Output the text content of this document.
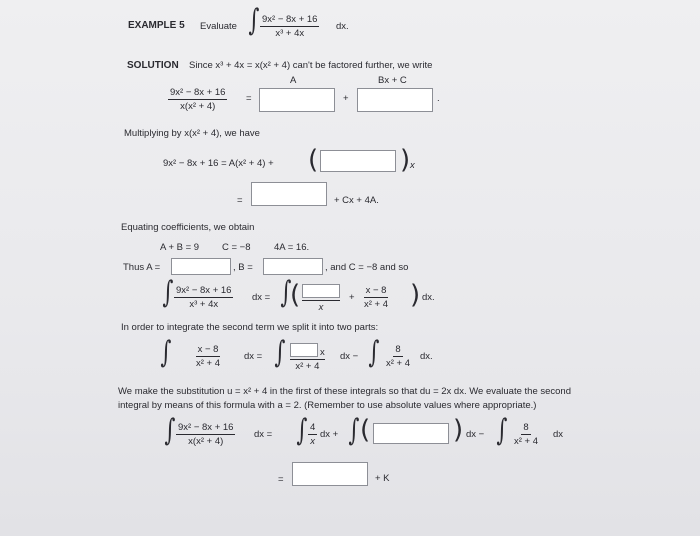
EXAMPLE 5 Evaluate ∫ $\frac{\text{9x² − 8x + 16}}{\text{x³ + 4x}}$ dx.
SOLUTION Since x³ + 4x = x(x² + 4) can't be factored further, we write
A	Bx + C
$\frac{\text{9x² − 8x + 16}}{\text{x(x² + 4)}}$ =	+	.
Multiplying by x(x² + 4), we have
9x² − 8x + 16 = A(x² + 4) + (	) x
=	+ Cx + 4A.
Equating coefficients, we obtain
A + B = 9 C = −8 4A = 16.
Thus A =	, B =	, and C = −8 and so
∫ $\frac{\text{9x² − 8x + 16}}{\text{x³ + 4x}}$ dx = ∫
( x
+ $\frac{x - 8}{\text{x² + 4}}$ ) dx.
In order to integrate the second term we split it into two parts:
∫ $\frac{x - 8}{\text{x² + 4}}$ dx = ∫	x
x² + 4
dx − ∫ $\frac{8}{\text{x² + 4}}$ dx.
We make the substitution u = x² + 4 in the first of these integrals so that du = 2x dx. We evaluate the second
integral by means of this formula with a = 2. (Remember to use absolute values where appropriate.)
∫ $\frac{\text{9x² − 8x + 16}}{\text{x(x² + 4)}}$ dx = ∫ $\frac{4}{x}$ dx + ∫ (	) dx − ∫ $\frac{8}{\text{x² + 4}}$ dx
=	+ K
